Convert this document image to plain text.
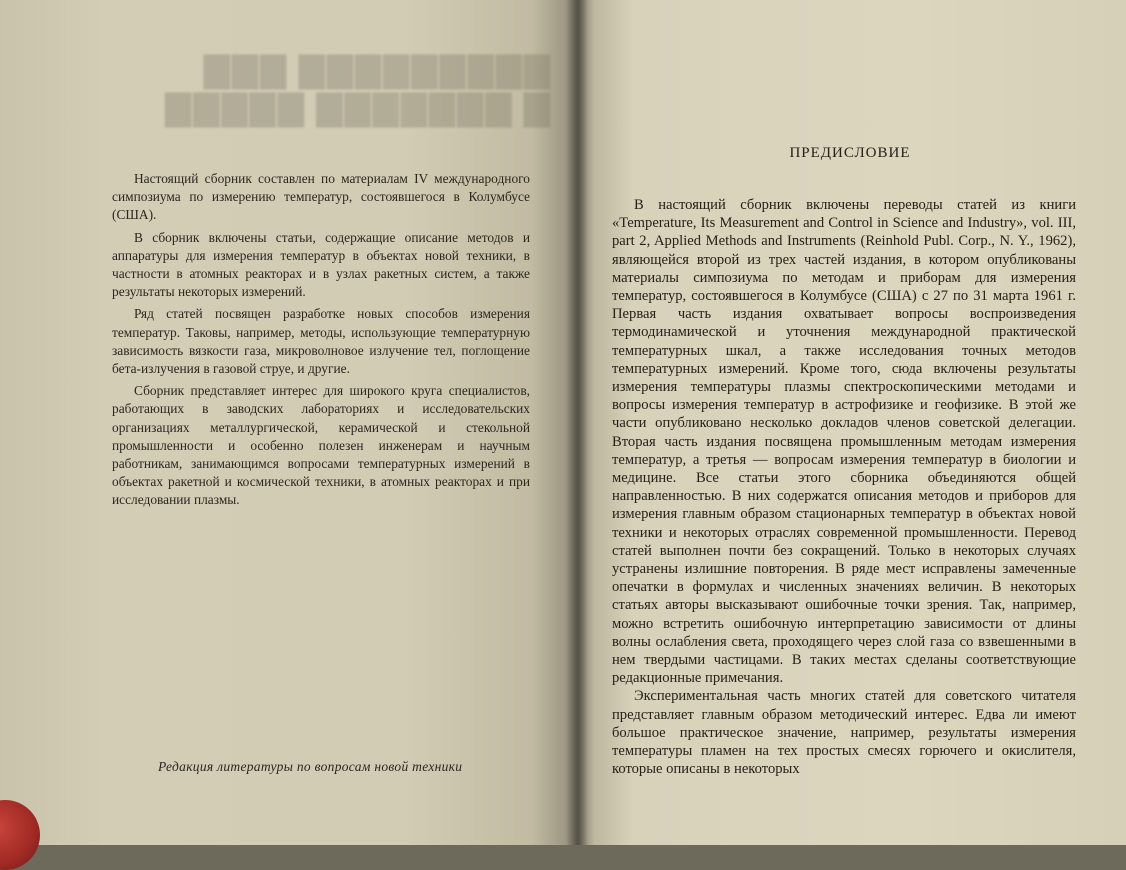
▇▇▇▇▇▇▇▇▇ ▇▇▇
▇ ▇▇▇▇▇▇▇ ▇▇▇▇▇

Настоящий сборник составлен по материалам IV международного симпозиума по измерению температур, состоявшегося в Колумбусе (США).

В сборник включены статьи, содержащие описание методов и аппаратуры для измерения температур в объектах новой техники, в частности в атомных реакторах и в узлах ракетных систем, а также результаты некоторых измерений.

Ряд статей посвящен разработке новых способов измерения температур. Таковы, например, методы, использующие температурную зависимость вязкости газа, микроволновое излучение тел, поглощение бета-излучения в газовой струе, и другие.

Сборник представляет интерес для широкого круга специалистов, работающих в заводских лабораториях и исследовательских организациях металлургической, керамической и стекольной промышленности и особенно полезен инженерам и научным работникам, занимающимся вопросами температурных измерений в объектах ракетной и космической техники, в атомных реакторах и при исследовании плазмы.

Редакция литературы по вопросам новой техники
ПРЕДИСЛОВИЕ

В настоящий сборник включены переводы статей из книги «Temperature, Its Measurement and Control in Science and Industry», vol. III, part 2, Applied Methods and Instruments (Reinhold Publ. Corp., N. Y., 1962), являющейся второй из трех частей издания, в котором опубликованы материалы симпозиума по методам и приборам для измерения температур, состоявшегося в Колумбусе (США) с 27 по 31 марта 1961 г. Первая часть издания охватывает вопросы воспроизведения термодинамической и уточнения международной практической температурных шкал, а также исследования точных методов температурных измерений. Кроме того, сюда включены результаты измерения температуры плазмы спектроскопическими методами и вопросы измерения температур в астрофизике и геофизике. В этой же части опубликовано несколько докладов членов советской делегации. Вторая часть издания посвящена промышленным методам измерения температур, а третья — вопросам измерения температур в биологии и медицине. Все статьи этого сборника объединяются общей направленностью. В них содержатся описания методов и приборов для измерения главным образом стационарных температур в объектах новой техники и некоторых отраслях современной промышленности. Перевод статей выполнен почти без сокращений. Только в некоторых случаях устранены излишние повторения. В ряде мест исправлены замеченные опечатки в формулах и численных значениях величин. В некоторых статьях авторы высказывают ошибочные точки зрения. Так, например, можно встретить ошибочную интерпретацию зависимости от длины волны ослабления света, проходящего через слой газа со взвешенными в нем твердыми частицами. В таких местах сделаны соответствующие редакционные примечания.

Экспериментальная часть многих статей для советского читателя представляет главным образом методический интерес. Едва ли имеют большое практическое значение, например, результаты измерения температуры пламен на тех простых смесях горючего и окислителя, которые описаны в некоторых
